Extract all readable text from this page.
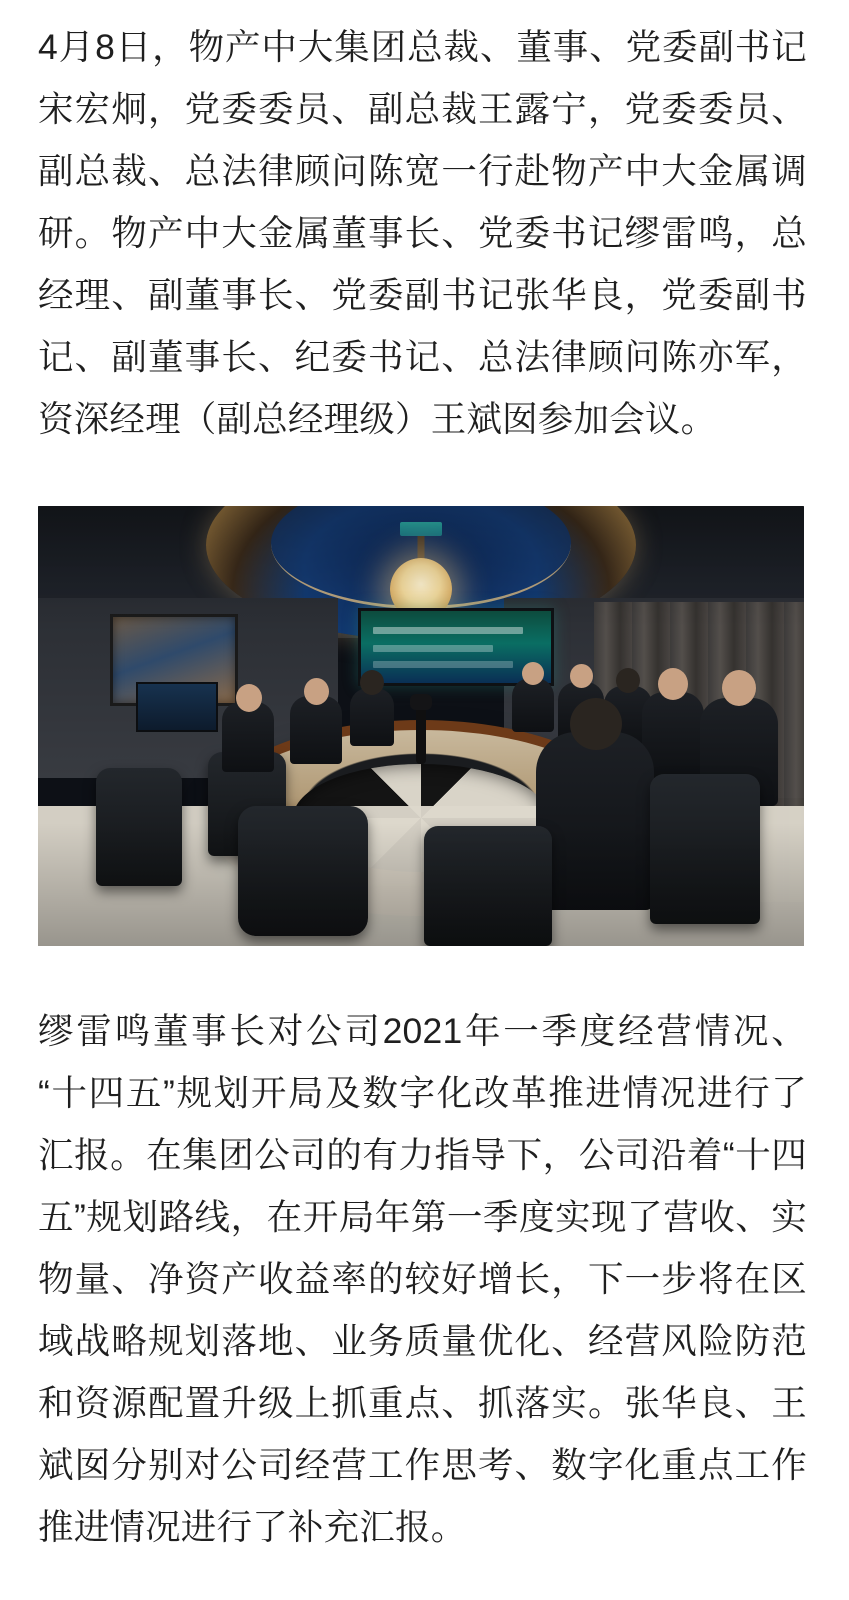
4月8日，物产中大集团总裁、董事、党委副书记宋宏炯，党委委员、副总裁王露宁，党委委员、副总裁、总法律顾问陈宽一行赴物产中大金属调研。物产中大金属董事长、党委书记缪雷鸣，总经理、副董事长、党委副书记张华良，党委副书记、副董事长、纪委书记、总法律顾问陈亦军，资深经理（副总经理级）王斌囡参加会议。

缪雷鸣董事长对公司2021年一季度经营情况、“十四五”规划开局及数字化改革推进情况进行了汇报。在集团公司的有力指导下，公司沿着“十四五”规划路线，在开局年第一季度实现了营收、实物量、净资产收益率的较好增长，下一步将在区域战略规划落地、业务质量优化、经营风险防范和资源配置升级上抓重点、抓落实。张华良、王斌囡分别对公司经营工作思考、数字化重点工作推进情况进行了补充汇报。
